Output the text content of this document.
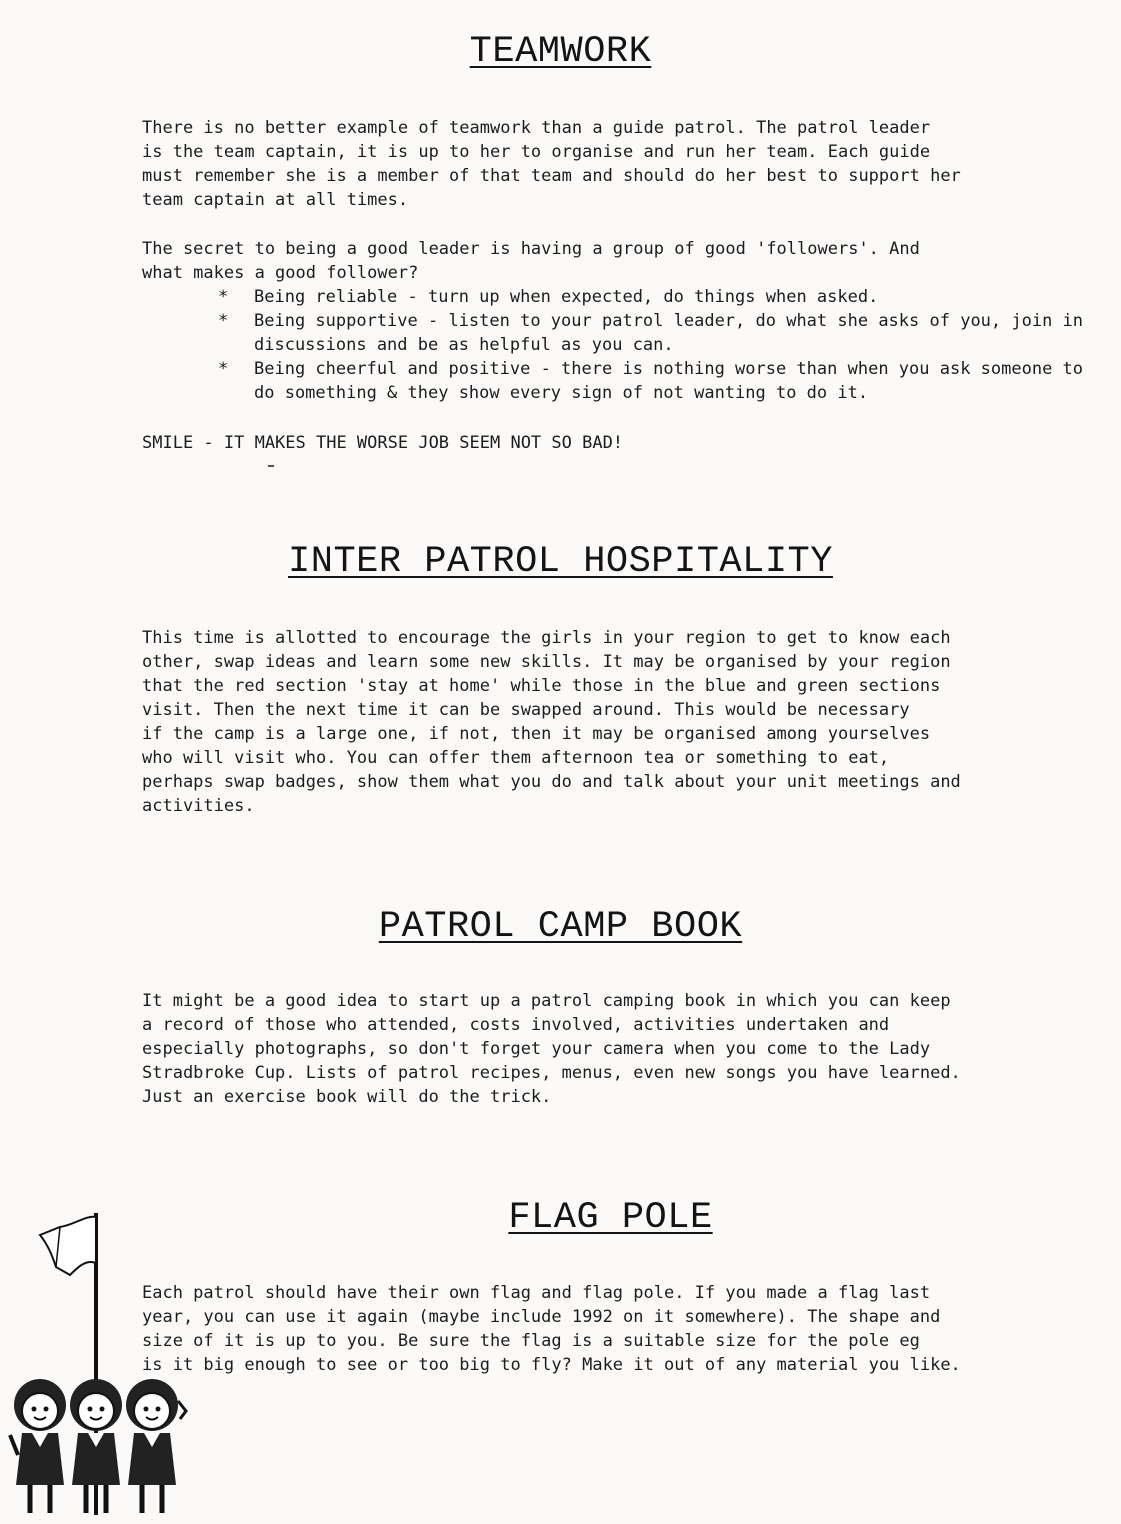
TEAMWORK

There is no better example of teamwork than a guide patrol. The patrol leader
is the team captain, it is up to her to organise and run her team. Each guide
must remember she is a member of that team and should do her best to support her
team captain at all times.

The secret to being a good leader is having a group of good 'followers'. And
what makes a good follower?

* Being reliable - turn up when expected, do things when asked.
* Being supportive - listen to your patrol leader, do what she asks of you, join in discussions and be as helpful as you can.
* Being cheerful and positive - there is nothing worse than when you ask someone to do something & they show every sign of not wanting to do it.

SMILE - IT MAKES THE WORSE JOB SEEM NOT SO BAD!

INTER PATROL HOSPITALITY

This time is allotted to encourage the girls in your region to get to know each
other, swap ideas and learn some new skills. It may be organised by your region
that the red section 'stay at home' while those in the blue and green sections
visit. Then the next time it can be swapped around. This would be necessary
if the camp is a large one, if not, then it may be organised among yourselves
who will visit who. You can offer them afternoon tea or something to eat,
perhaps swap badges, show them what you do and talk about your unit meetings and
activities.

PATROL CAMP BOOK

It might be a good idea to start up a patrol camping book in which you can keep
a record of those who attended, costs involved, activities undertaken and
especially photographs, so don't forget your camera when you come to the Lady
Stradbroke Cup. Lists of patrol recipes, menus, even new songs you have learned.
Just an exercise book will do the trick.

FLAG POLE

Each patrol should have their own flag and flag pole. If you made a flag last
year, you can use it again (maybe include 1992 on it somewhere). The shape and
size of it is up to you. Be sure the flag is a suitable size for the pole eg
is it big enough to see or too big to fly? Make it out of any material you like.
